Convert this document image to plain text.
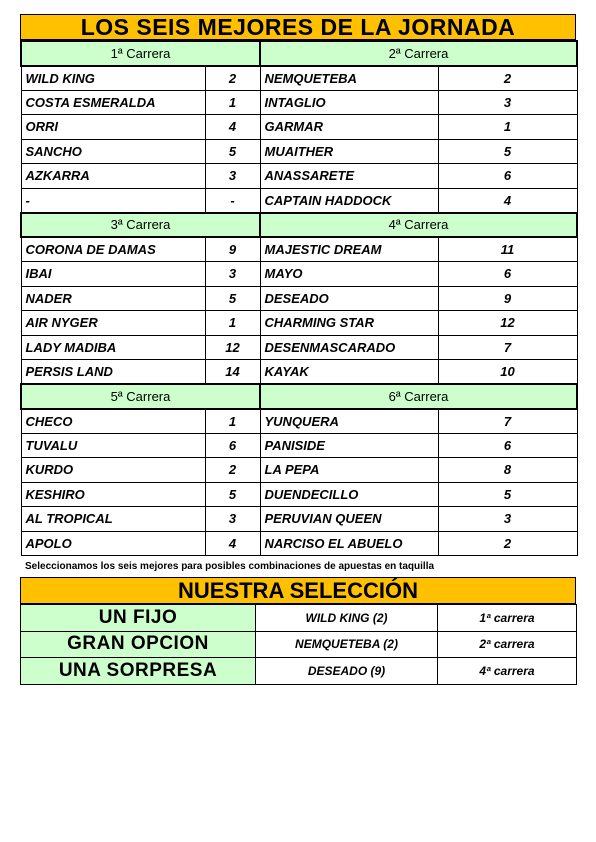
LOS SEIS MEJORES DE LA JORNADA
1ª Carrera		2ª Carrera	
WILD KING	2	NEMQUETEBA	2
COSTA ESMERALDA	1	INTAGLIO	3
ORRI	4	GARMAR	1
SANCHO	5	MUAITHER	5
AZKARRA	3	ANASSARETE	6
-	-	CAPTAIN HADDOCK	4
3ª Carrera		4ª Carrera	
CORONA DE DAMAS	9	MAJESTIC DREAM	11
IBAI	3	MAYO	6
NADER	5	DESEADO	9
AIR NYGER	1	CHARMING STAR	12
LADY MADIBA	12	DESENMASCARADO	7
PERSIS LAND	14	KAYAK	10
5ª Carrera		6ª Carrera	
CHECO	1	YUNQUERA	7
TUVALU	6	PANISIDE	6
KURDO	2	LA PEPA	8
KESHIRO	5	DUENDECILLO	5
AL TROPICAL	3	PERUVIAN QUEEN	3
APOLO	4	NARCISO EL ABUELO	2
Seleccionamos los seis mejores para posibles combinaciones de apuestas en taquilla
NUESTRA SELECCIÓN
UN FIJO	WILD KING (2)	1ª carrera
GRAN OPCION	NEMQUETEBA (2)	2ª carrera
UNA SORPRESA	DESEADO (9)	4ª carrera
